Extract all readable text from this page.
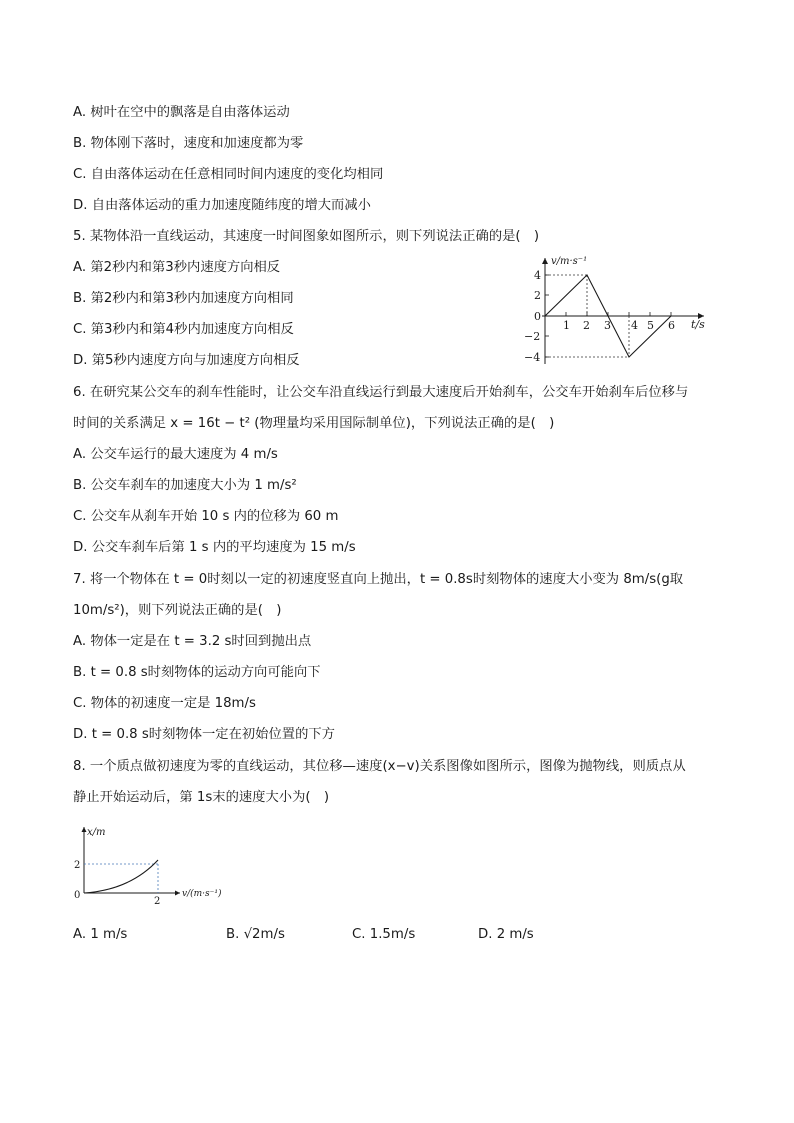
A. 树叶在空中的飘落是自由落体运动
B. 物体刚下落时，速度和加速度都为零
C. 自由落体运动在任意相同时间内速度的变化均相同
D. 自由落体运动的重力加速度随纬度的增大而减小
5. 某物体沿一直线运动，其速度一时间图象如图所示，则下列说法正确的是(　)
A. 第2秒内和第3秒内速度方向相反
B. 第2秒内和第3秒内加速度方向相同
C. 第3秒内和第4秒内加速度方向相反
D. 第5秒内速度方向与加速度方向相反
v/m·s⁻¹
t/s
4
2
0
−2
−4
1 2 3 4 5 6
6. 在研究某公交车的刹车性能时，让公交车沿直线运行到最大速度后开始刹车，公交车开始刹车后位移与
时间的关系满足 x = 16t − t² (物理量均采用国际制单位)，下列说法正确的是(　)
A. 公交车运行的最大速度为 4 m/s
B. 公交车刹车的加速度大小为 1 m/s²
C. 公交车从刹车开始 10 s 内的位移为 60 m
D. 公交车刹车后第 1 s 内的平均速度为 15 m/s
7. 将一个物体在 t = 0时刻以一定的初速度竖直向上抛出，t = 0.8s时刻物体的速度大小变为 8m/s(g取
10m/s²)，则下列说法正确的是(　)
A. 物体一定是在 t = 3.2 s时回到抛出点
B. t = 0.8 s时刻物体的运动方向可能向下
C. 物体的初速度一定是 18m/s
D. t = 0.8 s时刻物体一定在初始位置的下方
8. 一个质点做初速度为零的直线运动，其位移—速度(x−v)关系图像如图所示，图像为抛物线，则质点从
静止开始运动后，第 1s末的速度大小为(　)
x/m
v/(m·s⁻¹)
2
2
0
A. 1 m/s	B. √2m/s	C. 1.5m/s	D. 2 m/s
